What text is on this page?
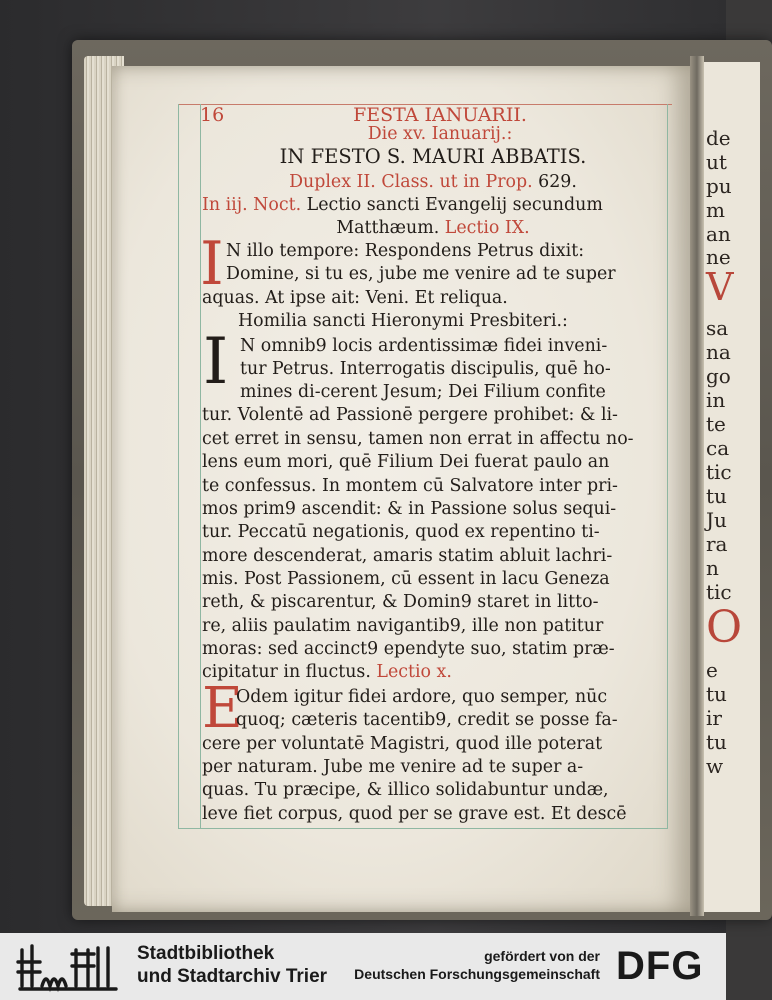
16	FESTA IANUARII.
Die xv. Ianuarij.:
IN FESTO S. MAURI ABBATIS.
Duplex II. Class. ut in Prop. 629.
In iij. Noct. Lectio sancti Evangelij secundum
Matthæum. Lectio IX.
I N illo tempore: Respondens Petrus dixit:
Domine, si tu es, jube me venire ad te super
aquas. At ipse ait: Veni. Et reliqua.
Homilia sancti Hieronymi Presbiteri.:
I N omnib9 locis ardentissimæ fidei inveni-
tur Petrus. Interrogatis discipulis, quē ho-
mines di-cerent Jesum; Dei Filium confite
tur. Volentē ad Passionē pergere prohibet: & li-
cet erret in sensu, tamen non errat in affectu no-
lens eum mori, quē Filium Dei fuerat paulo an
te confessus. In montem cū Salvatore inter pri-
mos prim9 ascendit: & in Passione solus sequi-
tur. Peccatū negationis, quod ex repentino ti-
more descenderat, amaris statim abluit lachri-
mis. Post Passionem, cū essent in lacu Geneza
reth, & piscarentur, & Domin9 staret in litto-
re, aliis paulatim navigantib9, ille non patitur
moras: sed accinct9 ependyte suo, statim præ-
cipitatur in fluctus. Lectio x.
E
Odem igitur fidei ardore, quo semper, nūc
quoq; cæteris tacentib9, credit se posse fa-
cere per voluntatē Magistri, quod ille poterat
per naturam. Jube me venire ad te super a-
quas. Tu præcipe, & illico solidabuntur undæ,
leve fiet corpus, quod per se grave est. Et descē
de
ut
pu
m
an
ne
V
sa
na
go
in
te
ca
tic
tu
Ju
ra
n
tic
O
e
tu
ir
tu
w
Stadtbibliothek
und Stadtarchiv Trier
gefördert von der
Deutschen Forschungsgemeinschaft DFG
